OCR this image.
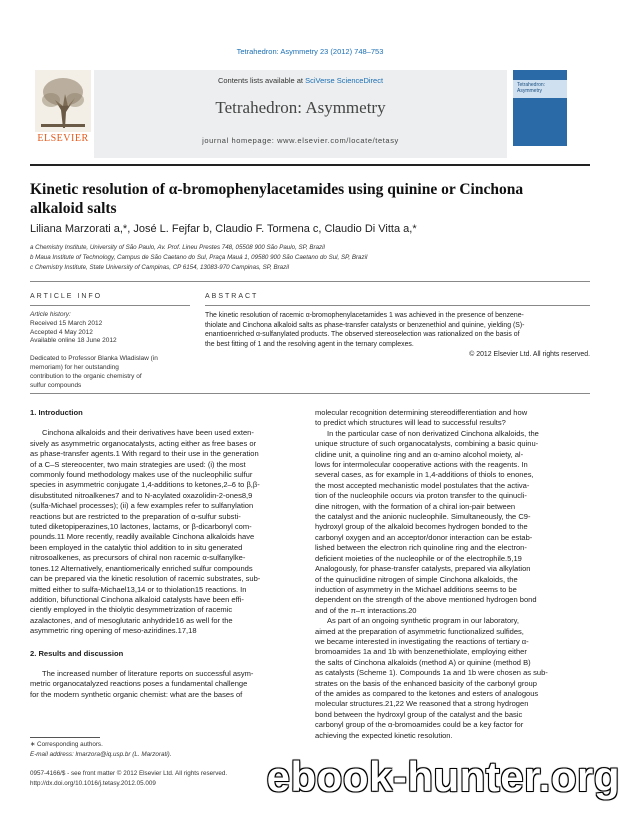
Tetrahedron: Asymmetry 23 (2012) 748–753
ELSEVIER
Contents lists available at SciVerse ScienceDirect
Tetrahedron: Asymmetry
journal homepage: www.elsevier.com/locate/tetasy
Tetrahedron:
Asymmetry
Kinetic resolution of α-bromophenylacetamides using quinine or Cinchona
alkaloid salts
Liliana Marzorati a,*, José L. Fejfar b, Claudio F. Tormena c, Claudio Di Vitta a,*
a Chemistry Institute, University of São Paulo, Av. Prof. Lineu Prestes 748, 05508 900 São Paulo, SP, Brazil
b Maua Institute of Technology, Campus de São Caetano do Sul, Praça Mauá 1, 09580 900 São Caetano do Sul, SP, Brazil
c Chemistry Institute, State University of Campinas, CP 6154, 13083-970 Campinas, SP, Brazil
ARTICLE INFO	ABSTRACT
Article history:
Received 15 March 2012
Accepted 4 May 2012
Available online 18 June 2012
Dedicated to Professor Blanka Wladislaw (in
memoriam) for her outstanding
contribution to the organic chemistry of
sulfur compounds
The kinetic resolution of racemic α-bromophenylacetamides 1 was achieved in the presence of benzene-
thiolate and Cinchona alkaloid salts as phase-transfer catalysts or benzenethiol and quinine, yielding (S)-
enantioenriched α-sulfanylated products. The observed stereoselection was rationalized on the basis of
the best fitting of 1 and the resolving agent in the ternary complexes.
© 2012 Elsevier Ltd. All rights reserved.
1. Introduction
Cinchona alkaloids and their derivatives have been used exten-
sively as asymmetric organocatalysts, acting either as free bases or
as phase-transfer agents.1 With regard to their use in the generation
of a C–S stereocenter, two main strategies are used: (i) the most
commonly found methodology makes use of the nucleophilic sulfur
species in asymmetric conjugate 1,4-additions to ketones,2–6 to β,β-
disubstituted nitroalkenes7 and to N-acylated oxazolidin-2-ones8,9
(sulfa-Michael processes); (ii) a few examples refer to sulfanylation
reactions but are restricted to the preparation of α-sulfur substi-
tuted diketopiperazines,10 lactones, lactams, or β-dicarbonyl com-
pounds.11 More recently, readily available Cinchona alkaloids have
been employed in the catalytic thiol addition to in situ generated
nitrosoalkenes, as precursors of chiral non racemic α-sulfanylke-
tones.12 Alternatively, enantiomerically enriched sulfur compounds
can be prepared via the kinetic resolution of racemic substrates, sub-
mitted either to sulfa-Michael13,14 or to thiolation15 reactions. In
addition, bifunctional Cinchona alkaloid catalysts have been effi-
ciently employed in the thiolytic desymmetrization of racemic
azalactones, and of mesoglutaric anhydride16 as well for the
asymmetric ring opening of meso-aziridines.17,18
2. Results and discussion
The increased number of literature reports on successful asym-
metric organocatalyzed reactions poses a fundamental challenge
for the modern synthetic organic chemist: what are the bases of
∗ Corresponding authors.
E-mail address: lmarzora@iq.usp.br (L. Marzorati).
0957-4166/$ - see front matter © 2012 Elsevier Ltd. All rights reserved.
http://dx.doi.org/10.1016/j.tetasy.2012.05.009
molecular recognition determining stereodifferentiation and how
to predict which structures will lead to successful results?
In the particular case of non derivatized Cinchona alkaloids, the
unique structure of such organocatalysts, combining a basic quinu-
clidine unit, a quinoline ring and an α-amino alcohol moiety, al-
lows for intermolecular cooperative actions with the reagents. In
several cases, as for example in 1,4-additions of thiols to enones,
the most accepted mechanistic model postulates that the activa-
tion of the nucleophile occurs via proton transfer to the quinucli-
dine nitrogen, with the formation of a chiral ion-pair between
the catalyst and the anionic nucleophile. Simultaneously, the C9-
hydroxyl group of the alkaloid becomes hydrogen bonded to the
carbonyl oxygen and an acceptor/donor interaction can be estab-
lished between the electron rich quinoline ring and the electron-
deficient moieties of the nucleophile or of the electrophile.5,19
Analogously, for phase-transfer catalysts, prepared via alkylation
of the quinuclidine nitrogen of simple Cinchona alkaloids, the
induction of asymmetry in the Michael additions seems to be
dependent on the strength of the above mentioned hydrogen bond
and of the π–π interactions.20
As part of an ongoing synthetic program in our laboratory,
aimed at the preparation of asymmetric functionalized sulfides,
we became interested in investigating the reactions of tertiary α-
bromoamides 1a and 1b with benzenethiolate, employing either
the salts of Cinchona alkaloids (method A) or quinine (method B)
as catalysts (Scheme 1). Compounds 1a and 1b were chosen as sub-
strates on the basis of the enhanced basicity of the carbonyl group
of the amides as compared to the ketones and esters of analogous
molecular structures.21,22 We reasoned that a strong hydrogen
bond between the hydroxyl group of the catalyst and the basic
carbonyl group of the α-bromoamides could be a key factor for
achieving the expected kinetic resolution.
ebook-hunter.org
